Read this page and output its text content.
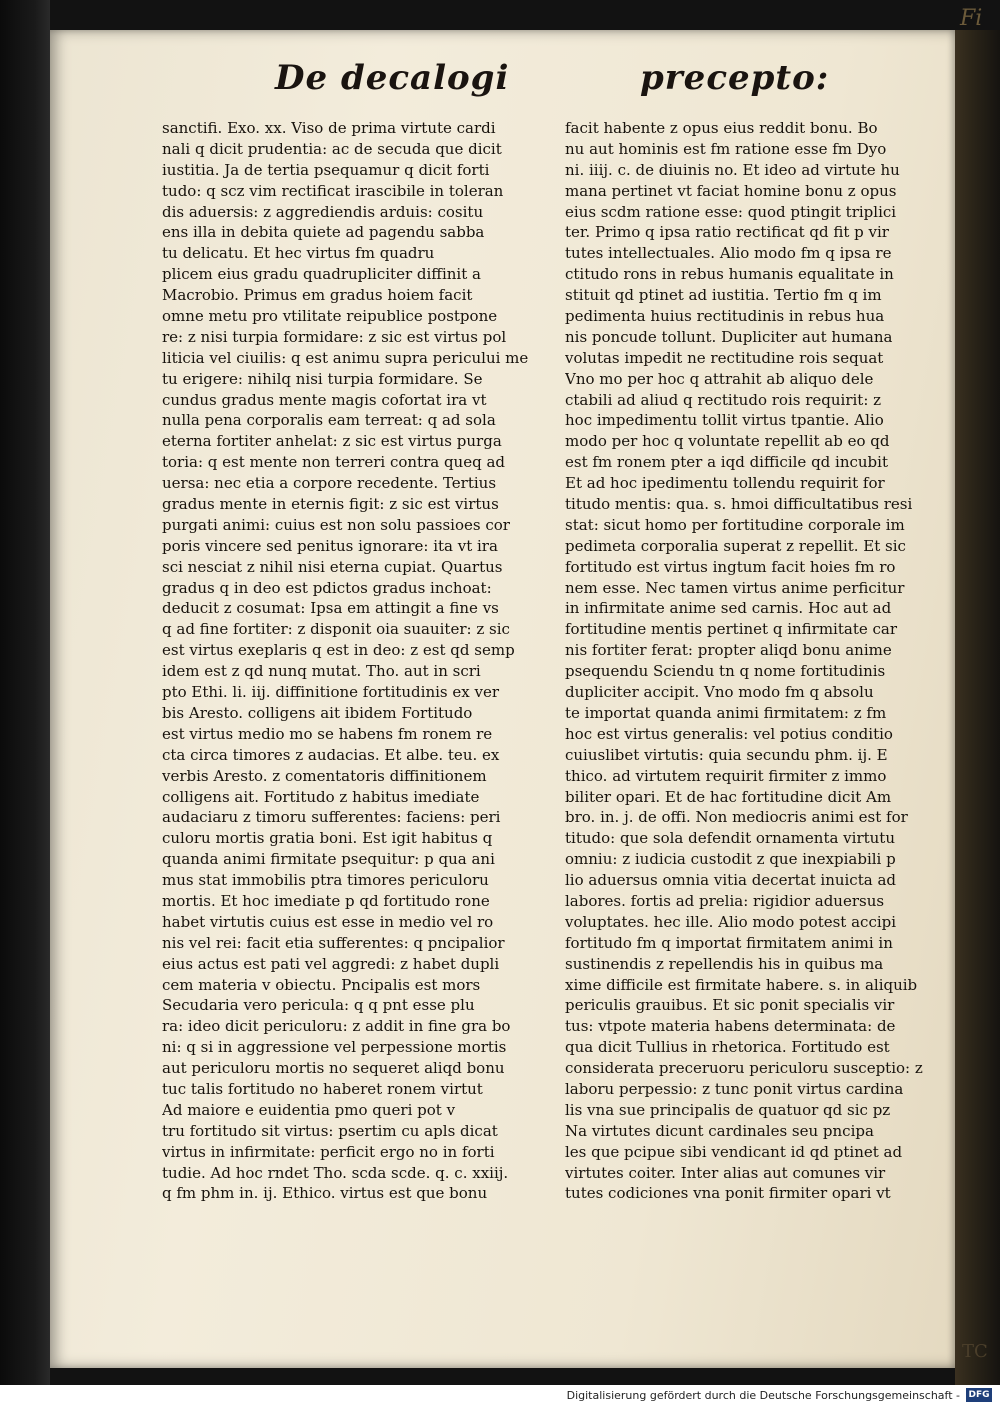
Fi
TC
De decalogi	precepto:
sanctifi. Exo. xx. Viso de prima virtute cardi
nali q dicit prudentia: ac de secuda que dicit
iustitia. Ja de tertia psequamur q dicit forti
tudo: q scz vim rectificat irascibile in toleran
dis aduersis: z aggrediendis arduis: cositu
ens illa in debita quiete ad pagendu sabba
tu delicatu. Et hec virtus fm quadru
plicem eius gradu quadrupliciter diffinit a
Macrobio. Primus em gradus hoiem facit
omne metu pro vtilitate reipublice postpone
re: z nisi turpia formidare: z sic est virtus pol
liticia vel ciuilis: q est animu supra pericului me
tu erigere: nihilq nisi turpia formidare. Se
cundus gradus mente magis cofortat ira vt
nulla pena corporalis eam terreat: q ad sola
eterna fortiter anhelat: z sic est virtus purga
toria: q est mente non terreri contra queq ad
uersa: nec etia a corpore recedente. Tertius
gradus mente in eternis figit: z sic est virtus
purgati animi: cuius est non solu passioes cor
poris vincere sed penitus ignorare: ita vt ira
sci nesciat z nihil nisi eterna cupiat. Quartus
gradus q in deo est pdictos gradus inchoat:
deducit z cosumat: Ipsa em attingit a fine vs
q ad fine fortiter: z disponit oia suauiter: z sic
est virtus exeplaris q est in deo: z est qd semp
idem est z qd nunq mutat. Tho. aut in scri
pto Ethi. li. iij. diffinitione fortitudinis ex ver
bis Aresto. colligens ait ibidem Fortitudo
est virtus medio mo se habens fm ronem re
cta circa timores z audacias. Et albe. teu. ex
verbis Aresto. z comentatoris diffinitionem
colligens ait. Fortitudo z habitus imediate
audaciaru z timoru sufferentes: faciens: peri
culoru mortis gratia boni. Est igit habitus q
quanda animi firmitate psequitur: p qua ani
mus stat immobilis ptra timores periculoru
mortis. Et hoc imediate p qd fortitudo rone
habet virtutis cuius est esse in medio vel ro
nis vel rei: facit etia sufferentes: q pncipalior
eius actus est pati vel aggredi: z habet dupli
cem materia v obiectu. Pncipalis est mors
Secudaria vero pericula: q q pnt esse plu
ra: ideo dicit periculoru: z addit in fine gra bo
ni: q si in aggressione vel perpessione mortis
aut periculoru mortis no sequeret aliqd bonu
tuc talis fortitudo no haberet ronem virtut
Ad maiore e euidentia pmo queri pot v
tru fortitudo sit virtus: psertim cu apls dicat
virtus in infirmitate: perficit ergo no in forti
tudie. Ad hoc rndet Tho. scda scde. q. c. xxiij.
q fm phm in. ij. Ethico. virtus est que bonu
facit habente z opus eius reddit bonu. Bo
nu aut hominis est fm ratione esse fm Dyo
ni. iiij. c. de diuinis no. Et ideo ad virtute hu
mana pertinet vt faciat homine bonu z opus
eius scdm ratione esse: quod ptingit triplici
ter. Primo q ipsa ratio rectificat qd fit p vir
tutes intellectuales. Alio modo fm q ipsa re
ctitudo rons in rebus humanis equalitate in
stituit qd ptinet ad iustitia. Tertio fm q im
pedimenta huius rectitudinis in rebus hua
nis poncude tollunt. Dupliciter aut humana
volutas impedit ne rectitudine rois sequat
Vno mo per hoc q attrahit ab aliquo dele
ctabili ad aliud q rectitudo rois requirit: z
hoc impedimentu tollit virtus tpantie. Alio
modo per hoc q voluntate repellit ab eo qd
est fm ronem pter a iqd difficile qd incubit
Et ad hoc ipedimentu tollendu requirit for
titudo mentis: qua. s. hmoi difficultatibus resi
stat: sicut homo per fortitudine corporale im
pedimeta corporalia superat z repellit. Et sic
fortitudo est virtus ingtum facit hoies fm ro
nem esse. Nec tamen virtus anime perficitur
in infirmitate anime sed carnis. Hoc aut ad
fortitudine mentis pertinet q infirmitate car
nis fortiter ferat: propter aliqd bonu anime
psequendu Sciendu tn q nome fortitudinis
dupliciter accipit. Vno modo fm q absolu
te importat quanda animi firmitatem: z fm
hoc est virtus generalis: vel potius conditio
cuiuslibet virtutis: quia secundu phm. ij. E
thico. ad virtutem requirit firmiter z immo
biliter opari. Et de hac fortitudine dicit Am
bro. in. j. de offi. Non mediocris animi est for
titudo: que sola defendit ornamenta virtutu
omniu: z iudicia custodit z que inexpiabili p
lio aduersus omnia vitia decertat inuicta ad
labores. fortis ad prelia: rigidior aduersus
voluptates. hec ille. Alio modo potest accipi
fortitudo fm q importat firmitatem animi in
sustinendis z repellendis his in quibus ma
xime difficile est firmitate habere. s. in aliquib
periculis grauibus. Et sic ponit specialis vir
tus: vtpote materia habens determinata: de
qua dicit Tullius in rhetorica. Fortitudo est
considerata preceruoru periculoru susceptio: z
laboru perpessio: z tunc ponit virtus cardina
lis vna sue principalis de quatuor qd sic pz
Na virtutes dicunt cardinales seu pncipa
les que pcipue sibi vendicant id qd ptinet ad
virtutes coiter. Inter alias aut comunes vir
tutes codiciones vna ponit firmiter opari vt
Digitalisierung gefördert durch die Deutsche Forschungsgemeinschaft - DFG
